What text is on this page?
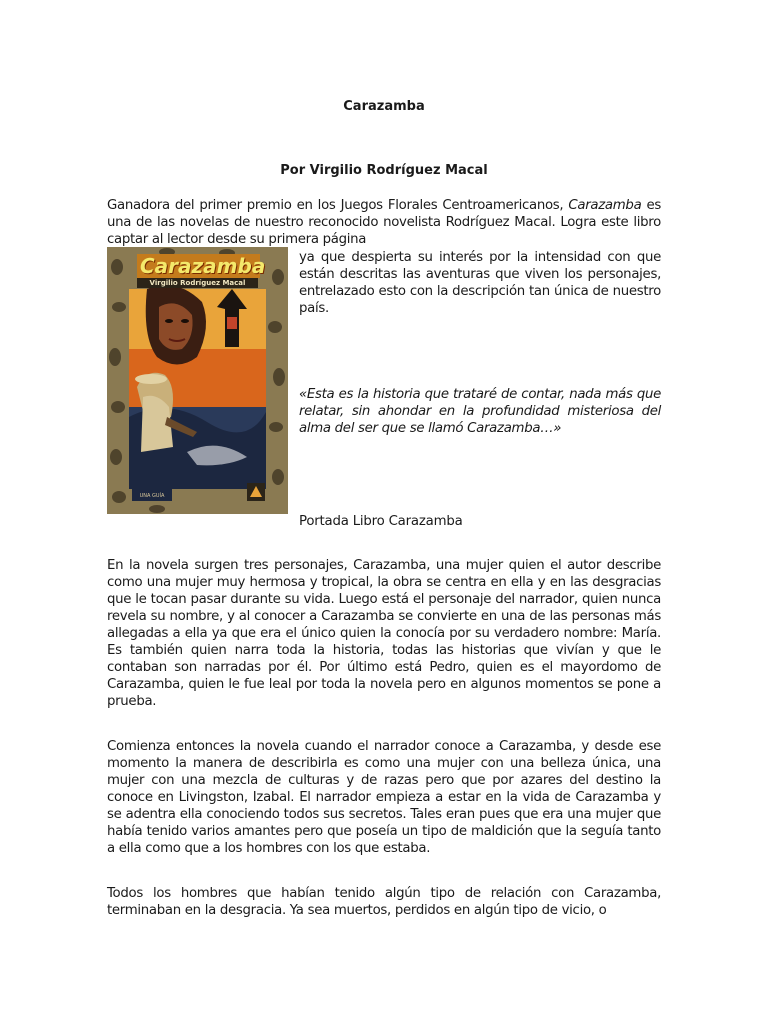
Carazamba
Por Virgilio Rodríguez Macal

Ganadora del primer premio en los Juegos Florales Centroamericanos, Carazamba es una de las novelas de nuestro reconocido novelista Rodríguez Macal. Logra este libro captar al lector desde su primera página

UNA GUÍA
Carazamba
Virgilio Rodríguez Macal

ya que despierta su interés por la intensidad con que están descritas las aventuras que viven los personajes, entrelazado esto con la descripción tan única de nuestro país.

«Esta es la historia que trataré de contar, nada más que relatar, sin ahondar en la profundidad misteriosa del alma del ser que se llamó Carazamba…»

Portada Libro Carazamba

En la novela surgen tres personajes, Carazamba, una mujer quien el autor describe como una mujer muy hermosa y tropical, la obra se centra en ella y en las desgracias que le tocan pasar durante su vida. Luego está el personaje del narrador, quien nunca revela su nombre, y al conocer a Carazamba se convierte en una de las personas más allegadas a ella ya que era el único quien la conocía por su verdadero nombre: María. Es también quien narra toda la historia, todas las historias que vivían y que le contaban son narradas por él. Por último está Pedro, quien es el mayordomo de Carazamba, quien le fue leal por toda la novela pero en algunos momentos se pone a prueba.

Comienza entonces la novela cuando el narrador conoce a Carazamba, y desde ese momento la manera de describirla es como una mujer con una belleza única, una mujer con una mezcla de culturas y de razas pero que por azares del destino la conoce en Livingston, Izabal. El narrador empieza a estar en la vida de Carazamba y se adentra ella conociendo todos sus secretos. Tales eran pues que era una mujer que había tenido varios amantes pero que poseía un tipo de maldición que la seguía tanto a ella como que a los hombres con los que estaba.

Todos los hombres que habían tenido algún tipo de relación con Carazamba, terminaban en la desgracia. Ya sea muertos, perdidos en algún tipo de vicio, o
